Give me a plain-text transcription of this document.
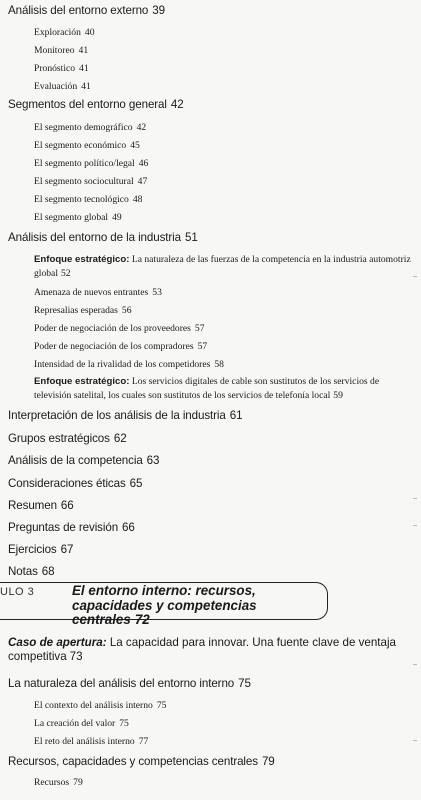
Análisis del entorno externo 39
Exploración 40
Monitoreo 41
Pronóstico 41
Evaluación 41
Segmentos del entorno general 42
El segmento demográfico 42
El segmento económico 45
El segmento político/legal 46
El segmento sociocultural 47
El segmento tecnológico 48
El segmento global 49
Análisis del entorno de la industria 51
Enfoque estratégico: La naturaleza de las fuerzas de la competencia en la industria automotriz global 52
Amenaza de nuevos entrantes 53
Represalias esperadas 56
Poder de negociación de los proveedores 57
Poder de negociación de los compradores 57
Intensidad de la rivalidad de los competidores 58
Enfoque estratégico: Los servicios digitales de cable son sustitutos de los servicios de televisión satelital, los cuales son sustitutos de los servicios de telefonía local 59
Interpretación de los análisis de la industria 61
Grupos estratégicos 62
Análisis de la competencia 63
Consideraciones éticas 65
Resumen 66
Preguntas de revisión 66
Ejercicios 67
Notas 68
ULO 3	El entorno interno: recursos, capacidades y competencias centrales 72
Caso de apertura: La capacidad para innovar. Una fuente clave de ventaja competitiva 73
La naturaleza del análisis del entorno interno 75
El contexto del análisis interno 75
La creación del valor 75
El reto del análisis interno 77
Recursos, capacidades y competencias centrales 79
Recursos 79
